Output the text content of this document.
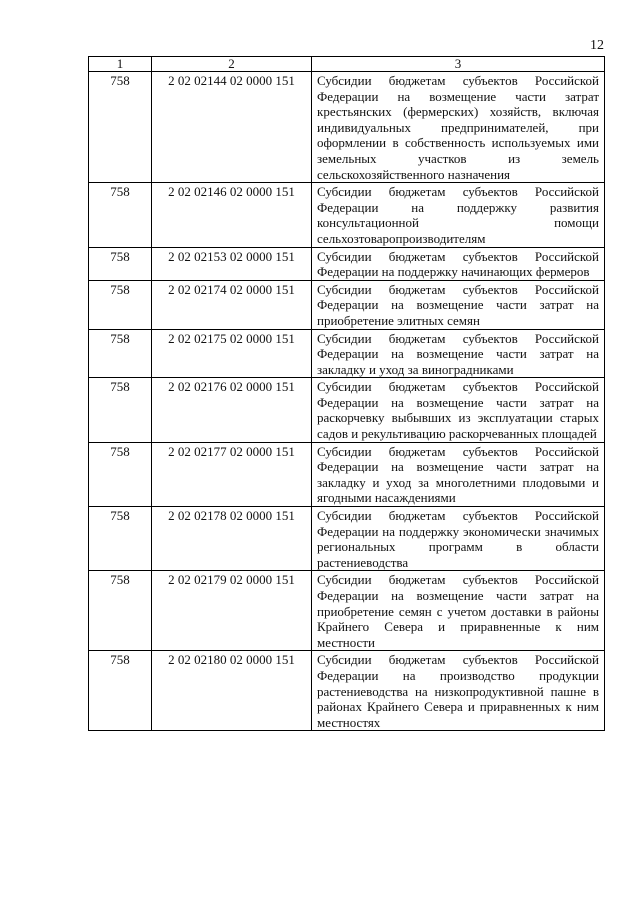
12
1	2	3
758	2 02 02144 02 0000 151	Субсидии бюджетам субъектов Российской Федерации на возмещение части затрат крестьянских (фермерских) хозяйств, включая индивидуальных предпринимателей, при оформлении в собственность используемых ими земельных участков из земель сельскохозяйственного назначения
758	2 02 02146 02 0000 151	Субсидии бюджетам субъектов Российской Федерации на поддержку развития консультационной помощи сельхозтоваропроизводителям
758	2 02 02153 02 0000 151	Субсидии бюджетам субъектов Российской Федерации на поддержку начинающих фермеров
758	2 02 02174 02 0000 151	Субсидии бюджетам субъектов Российской Федерации на возмещение части затрат на приобретение элитных семян
758	2 02 02175 02 0000 151	Субсидии бюджетам субъектов Российской Федерации на возмещение части затрат на закладку и уход за виноградниками
758	2 02 02176 02 0000 151	Субсидии бюджетам субъектов Российской Федерации на возмещение части затрат на раскорчевку выбывших из эксплуатации старых садов и рекультивацию раскорчеванных площадей
758	2 02 02177 02 0000 151	Субсидии бюджетам субъектов Российской Федерации на возмещение части затрат на закладку и уход за многолетними плодовыми и ягодными насаждениями
758	2 02 02178 02 0000 151	Субсидии бюджетам субъектов Российской Федерации на поддержку экономически значимых региональных программ в области растениеводства
758	2 02 02179 02 0000 151	Субсидии бюджетам субъектов Российской Федерации на возмещение части затрат на приобретение семян с учетом доставки в районы Крайнего Севера и приравненные к ним местности
758	2 02 02180 02 0000 151	Субсидии бюджетам субъектов Российской Федерации на производство продукции растениеводства на низкопродуктивной пашне в районах Крайнего Севера и приравненных к ним местностях
